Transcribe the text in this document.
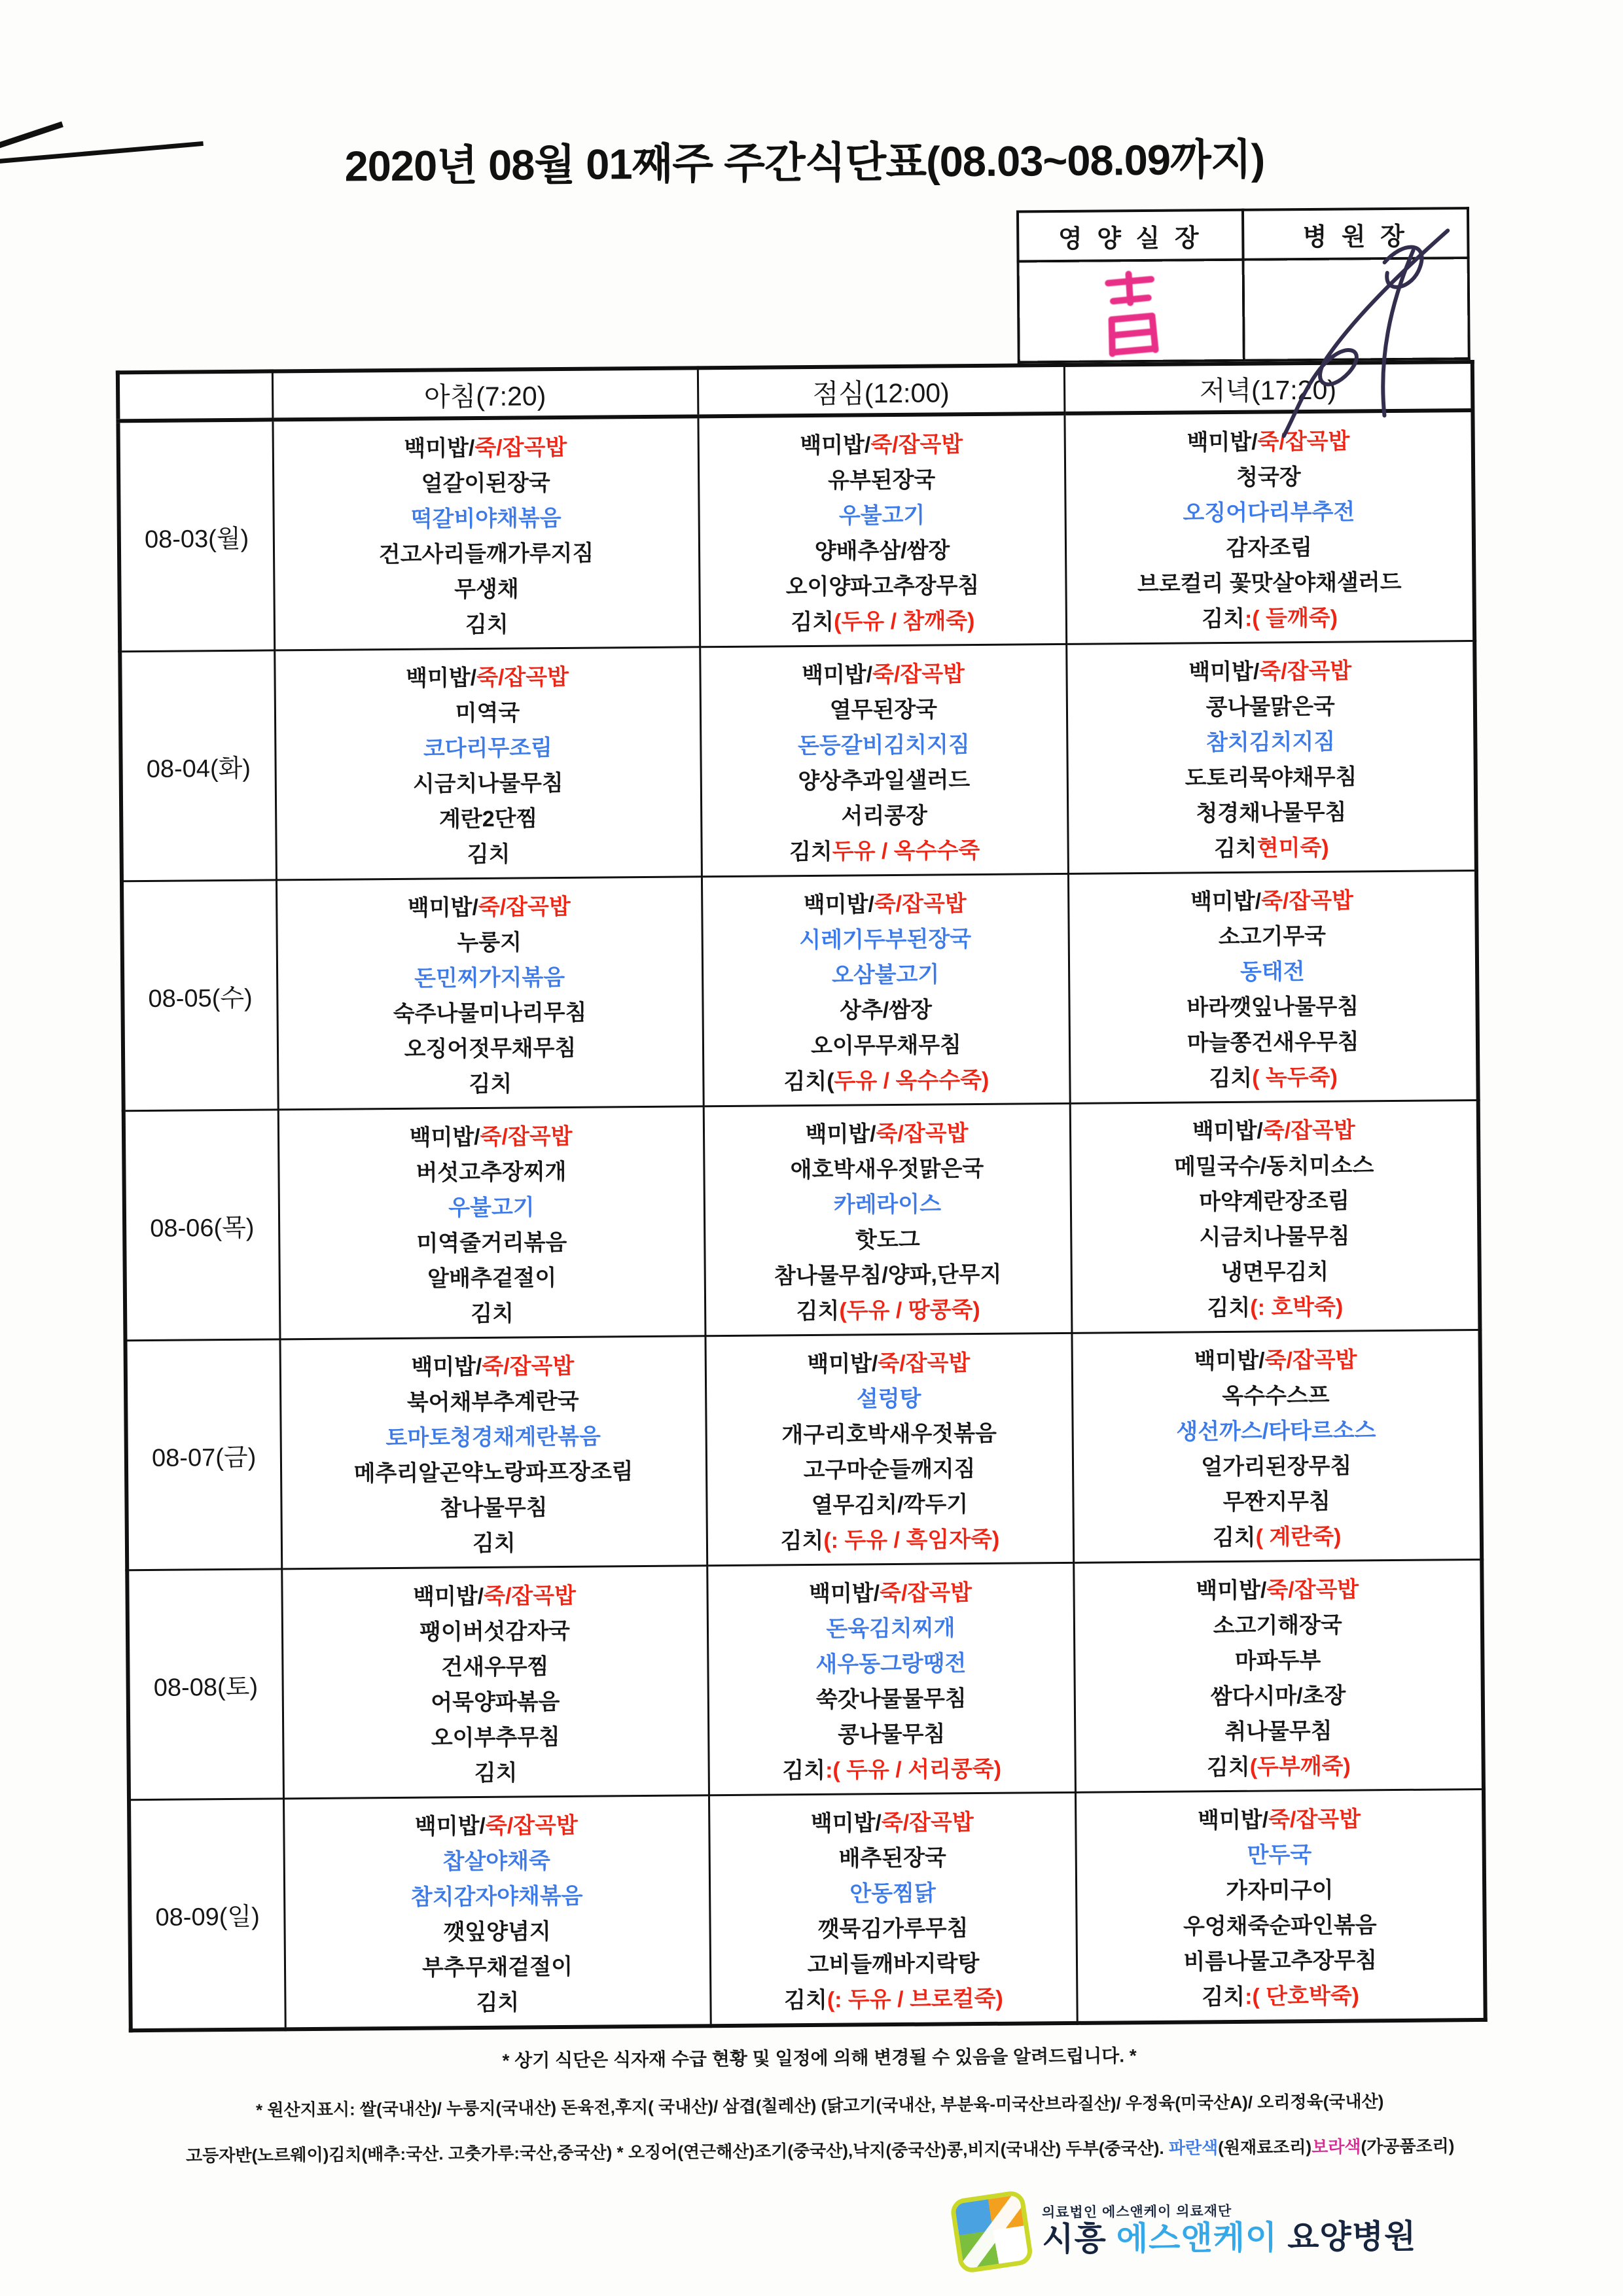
2020년 08월 01째주 주간식단표(08.03~08.09까지)
영 양 실 장	병 원 장

	아침(7:20)	점심(12:00)	저녁(17:20)
08-03(월)	
백미밥/ 죽/잡곡밥
얼갈이된장국
떡갈비야채볶음
건고사리들깨가루지짐
무생채
김치

백미밥/ 죽/잡곡밥
유부된장국
우불고기
양배추삼/쌈장
오이양파고추장무침
김치 (두유 / 참깨죽)

백미밥/ 죽/잡곡밥
청국장
오징어다리부추전
감자조림
브로컬리 꽃맛살야채샐러드
김치 :( 들깨죽)

08-04(화)	
백미밥/ 죽/잡곡밥
미역국
코다리무조림
시금치나물무침
계란2단찜
김치

백미밥/ 죽/잡곡밥
열무된장국
돈등갈비김치지짐
양상추과일샐러드
서리콩장
김치 두유 / 옥수수죽

백미밥/ 죽/잡곡밥
콩나물맑은국
참치김치지짐
도토리묵야채무침
청경채나물무침
김치 현미죽)

08-05(수)	
백미밥/ 죽/잡곡밥
누룽지
돈민찌가지볶음
숙주나물미나리무침
오징어젓무채무침
김치

백미밥/ 죽/잡곡밥
시레기두부된장국
오삼불고기
상추/쌈장
오이무무채무침
김치( 두유 / 옥수수죽)

백미밥/ 죽/잡곡밥
소고기무국
동태전
바라깻잎나물무침
마늘쫑건새우무침
김치 ( 녹두죽)

08-06(목)	
백미밥/ 죽/잡곡밥
버섯고추장찌개
우불고기
미역줄거리볶음
알배추겉절이
김치

백미밥/ 죽/잡곡밥
애호박새우젓맑은국
카레라이스
핫도그
참나물무침/양파,단무지
김치 (두유 / 땅콩죽)

백미밥/ 죽/잡곡밥
메밀국수/동치미소스
마약계란장조림
시금치나물무침
냉면무김치
김치 (: 호박죽)

08-07(금)	
백미밥/ 죽/잡곡밥
북어채부추계란국
토마토청경채계란볶음
메추리알곤약노랑파프장조림
참나물무침
김치

백미밥/ 죽/잡곡밥
설렁탕
개구리호박새우젓볶음
고구마순들깨지짐
열무김치/깍두기
김치 (: 두유 / 흑임자죽)

백미밥/ 죽/잡곡밥
옥수수스프
생선까스/타타르소스
얼가리된장무침
무짠지무침
김치 ( 계란죽)

08-08(토)	
백미밥/ 죽/잡곡밥
팽이버섯감자국
건새우무찜
어묵양파볶음
오이부추무침
김치

백미밥/ 죽/잡곡밥
돈육김치찌개
새우동그랑땡전
쑥갓나물물무침
콩나물무침
김치 :( 두유 / 서리콩죽)

백미밥/ 죽/잡곡밥
소고기해장국
마파두부
쌈다시마/초장
취나물무침
김치 (두부깨죽)

08-09(일)	
백미밥/ 죽/잡곡밥
찹살야채죽
참치감자야채볶음
깻잎양념지
부추무채겉절이
김치

백미밥/ 죽/잡곡밥
배추된장국
안동찜닭
깻묵김가루무침
고비들깨바지락탕
김치 (: 두유 / 브로컬죽)

백미밥/ 죽/잡곡밥
만두국
가자미구이
우엉채죽순파인볶음
비름나물고추장무침
김치 :( 단호박죽)
* 상기 식단은 식자재 수급 현황 및 일정에 의해 변경될 수 있음을 알려드립니다. *
* 원산지표시: 쌀(국내산)/ 누룽지(국내산) 돈육전,후지( 국내산)/ 삼겹(칠레산) (닭고기(국내산, 부분육-미국산브라질산)/ 우정육(미국산A)/ 오리정육(국내산)
고등자반(노르웨이)김치(배추:국산. 고춧가루:국산,중국산) * 오징어(연근해산)조기(중국산),낙지(중국산)콩,비지(국내산) 두부(중국산). 파란색(원재료조리)보라색(가공품조리)
의료법인 에스앤케이 의료재단
시흥 에스앤케이 요양병원
